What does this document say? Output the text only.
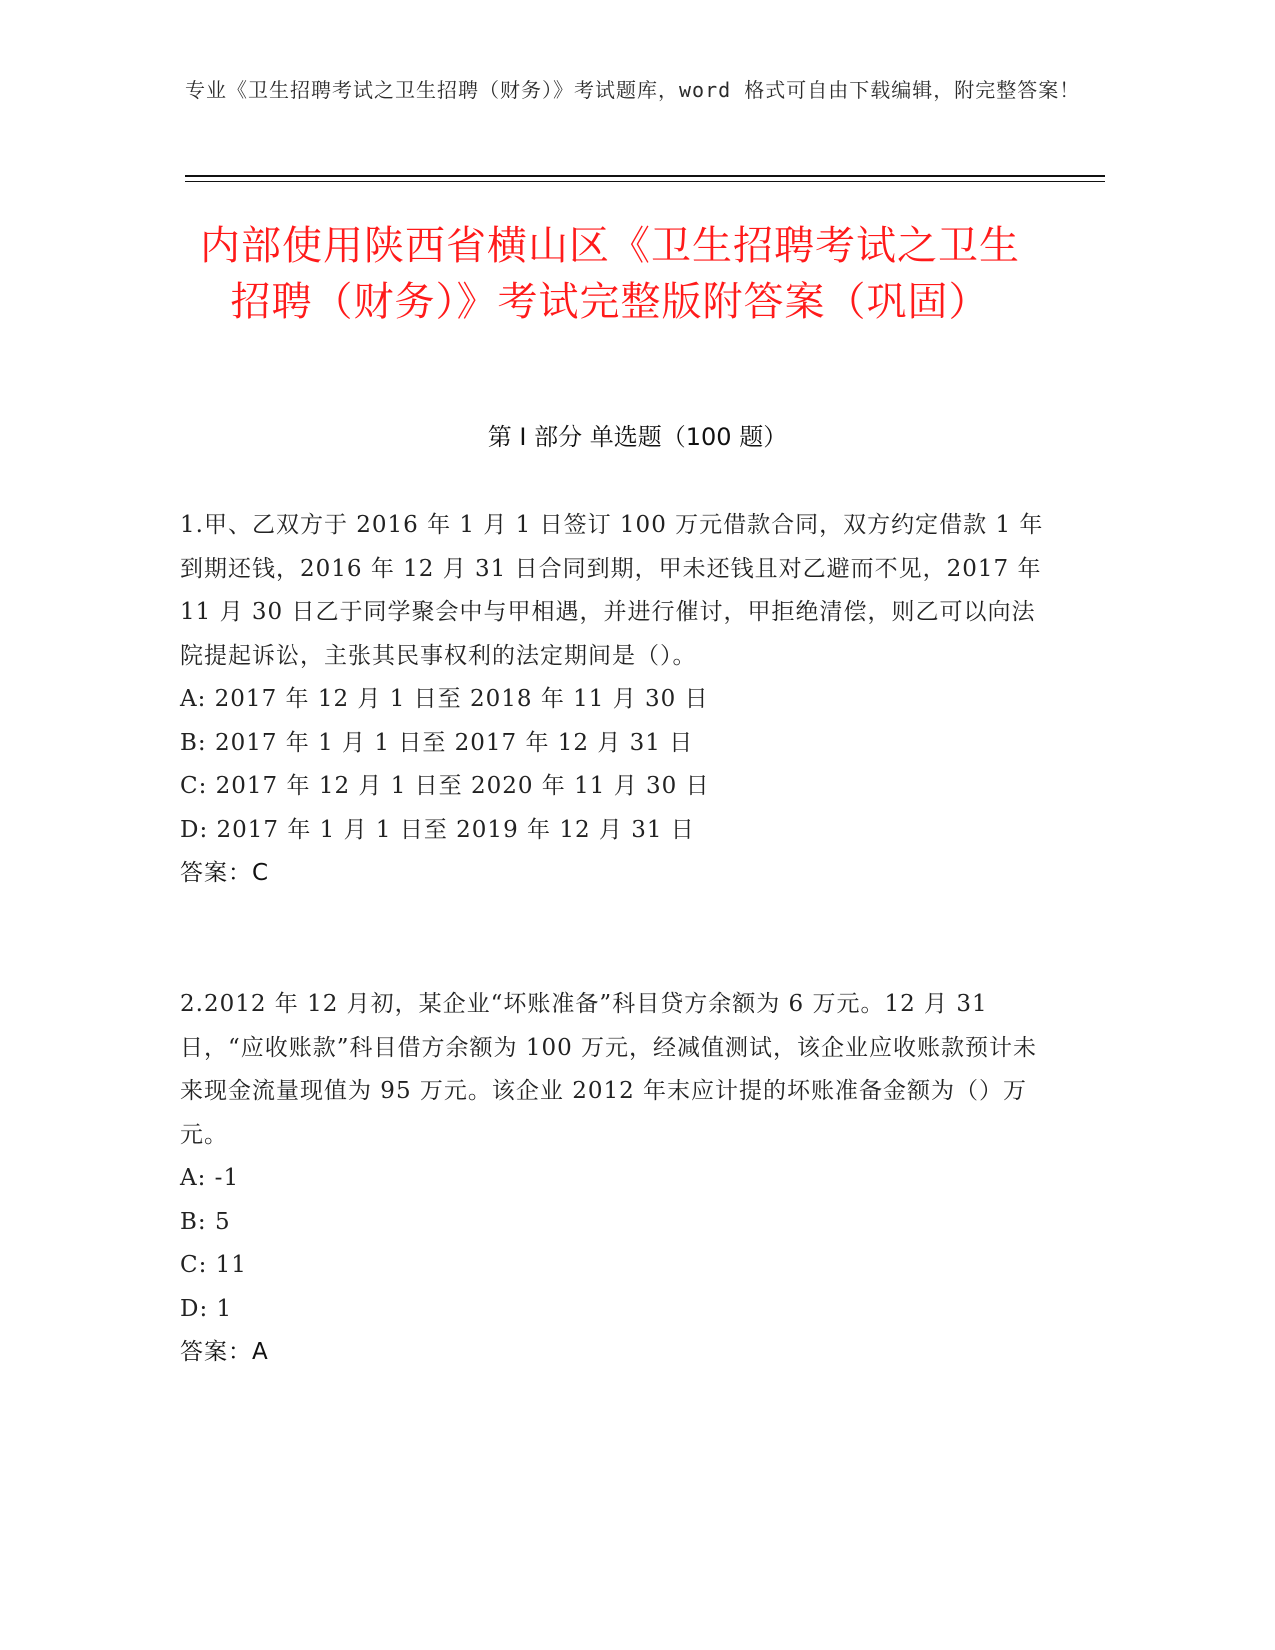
专业《卫生招聘考试之卫生招聘（财务）》考试题库，word 格式可自由下载编辑，附完整答案！
内部使用陕西省横山区《卫生招聘考试之卫生招聘（财务）》考试完整版附答案（巩固）
第 I 部分 单选题（100 题）
1.甲、乙双方于 2016 年 1 月 1 日签订 100 万元借款合同，双方约定借款 1 年到期还钱，2016 年 12 月 31 日合同到期，甲未还钱且对乙避而不见，2017 年 11 月 30 日乙于同学聚会中与甲相遇，并进行催讨，甲拒绝清偿，则乙可以向法院提起诉讼，主张其民事权利的法定期间是（）。
A: 2017 年 12 月 1 日至 2018 年 11 月 30 日
B: 2017 年 1 月 1 日至 2017 年 12 月 31 日
C: 2017 年 12 月 1 日至 2020 年 11 月 30 日
D: 2017 年 1 月 1 日至 2019 年 12 月 31 日
答案：C
2.2012 年 12 月初，某企业“坏账准备”科目贷方余额为 6 万元。12 月 31 日，“应收账款”科目借方余额为 100 万元，经减值测试，该企业应收账款预计未来现金流量现值为 95 万元。该企业 2012 年末应计提的坏账准备金额为（）万元。
A: -1
B: 5
C: 11
D: 1
答案：A
